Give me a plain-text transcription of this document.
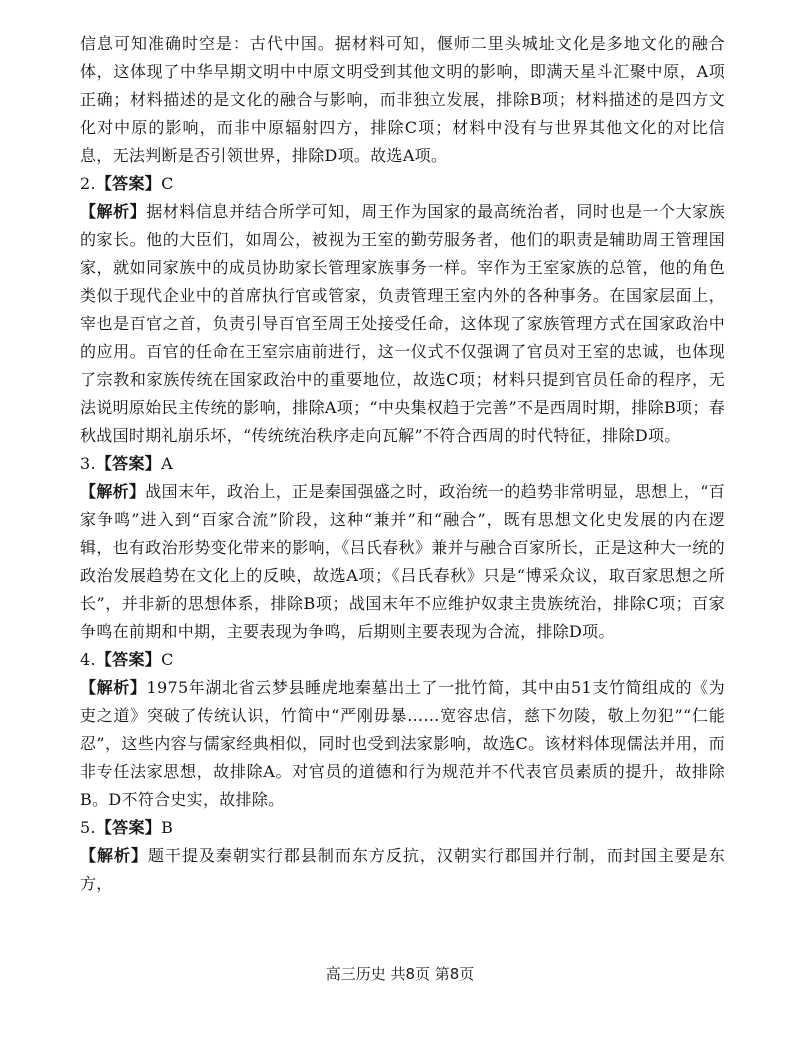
信息可知准确时空是：古代中国。据材料可知，偃师二里头城址文化是多地文化的融合体，这体现了中华早期文明中中原文明受到其他文明的影响，即满天星斗汇聚中原，A项正确；材料描述的是文化的融合与影响，而非独立发展，排除B项；材料描述的是四方文化对中原的影响，而非中原辐射四方，排除C项；材料中没有与世界其他文化的对比信息，无法判断是否引领世界，排除D项。故选A项。

2.【答案】C

【解析】据材料信息并结合所学可知，周王作为国家的最高统治者，同时也是一个大家族的家长。他的大臣们，如周公，被视为王室的勤劳服务者，他们的职责是辅助周王管理国家，就如同家族中的成员协助家长管理家族事务一样。宰作为王室家族的总管，他的角色类似于现代企业中的首席执行官或管家，负责管理王室内外的各种事务。在国家层面上，宰也是百官之首，负责引导百官至周王处接受任命，这体现了家族管理方式在国家政治中的应用。百官的任命在王室宗庙前进行，这一仪式不仅强调了官员对王室的忠诚，也体现了宗教和家族传统在国家政治中的重要地位，故选C项；材料只提到官员任命的程序，无法说明原始民主传统的影响，排除A项；“中央集权趋于完善”不是西周时期，排除B项；春秋战国时期礼崩乐坏，“传统统治秩序走向瓦解”不符合西周的时代特征，排除D项。

3.【答案】A

【解析】战国末年，政治上，正是秦国强盛之时，政治统一的趋势非常明显，思想上，“百家争鸣”进入到“百家合流”阶段，这种“兼并”和“融合”，既有思想文化史发展的内在逻辑，也有政治形势变化带来的影响，《吕氏春秋》兼并与融合百家所长，正是这种大一统的政治发展趋势在文化上的反映，故选A项；《吕氏春秋》只是“博采众议，取百家思想之所长”，并非新的思想体系，排除B项；战国末年不应维护奴隶主贵族统治，排除C项；百家争鸣在前期和中期，主要表现为争鸣，后期则主要表现为合流，排除D项。

4.【答案】C

【解析】1975年湖北省云梦县睡虎地秦墓出土了一批竹简，其中由51支竹简组成的《为吏之道》突破了传统认识，竹简中“严刚毋暴……宽容忠信，慈下勿陵，敬上勿犯”“仁能忍”，这些内容与儒家经典相似，同时也受到法家影响，故选C。该材料体现儒法并用，而非专任法家思想，故排除A。对官员的道德和行为规范并不代表官员素质的提升，故排除B。D不符合史实，故排除。

5.【答案】B

【解析】题干提及秦朝实行郡县制而东方反抗，汉朝实行郡国并行制，而封国主要是东方，

高三历史 共8页 第8页
